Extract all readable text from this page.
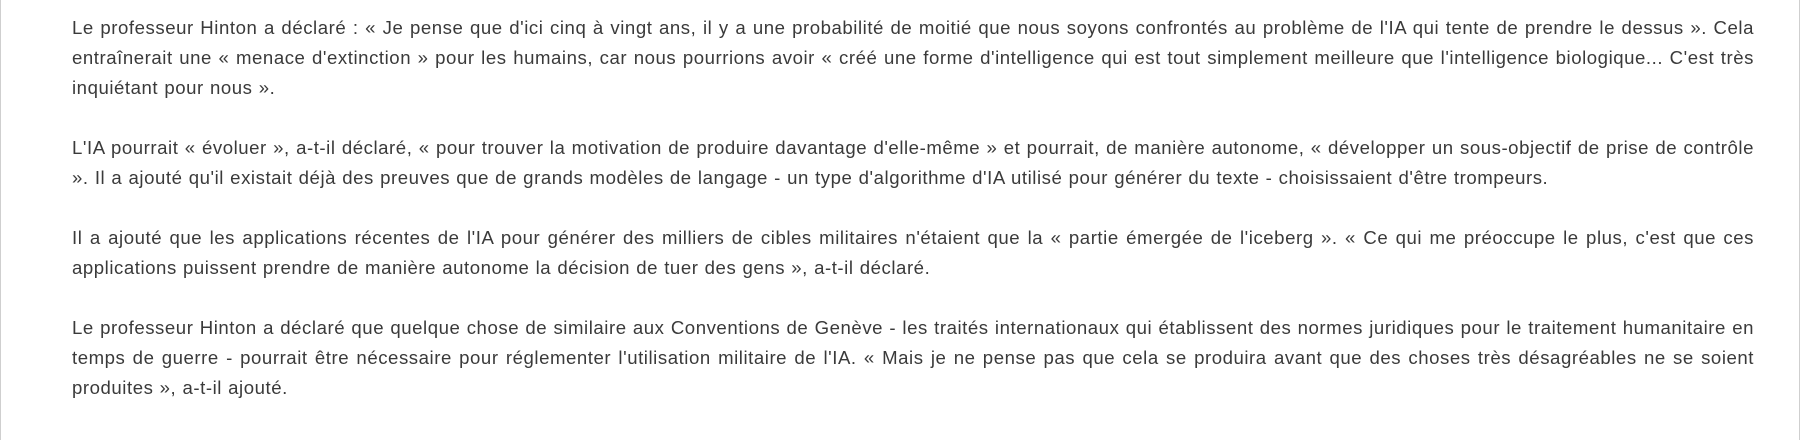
Le professeur Hinton a déclaré : « Je pense que d'ici cinq à vingt ans, il y a une probabilité de moitié que nous soyons confrontés au problème de l'IA qui tente de prendre le dessus ». Cela entraînerait une « menace d'extinction » pour les humains, car nous pourrions avoir « créé une forme d'intelligence qui est tout simplement meilleure que l'intelligence biologique... C'est très inquiétant pour nous ».

L'IA pourrait « évoluer », a-t-il déclaré, « pour trouver la motivation de produire davantage d'elle-même » et pourrait, de manière autonome, « développer un sous-objectif de prise de contrôle ». Il a ajouté qu'il existait déjà des preuves que de grands modèles de langage - un type d'algorithme d'IA utilisé pour générer du texte - choisissaient d'être trompeurs.

Il a ajouté que les applications récentes de l'IA pour générer des milliers de cibles militaires n'étaient que la « partie émergée de l'iceberg ». « Ce qui me préoccupe le plus, c'est que ces applications puissent prendre de manière autonome la décision de tuer des gens », a-t-il déclaré.

Le professeur Hinton a déclaré que quelque chose de similaire aux Conventions de Genève - les traités internationaux qui établissent des normes juridiques pour le traitement humanitaire en temps de guerre - pourrait être nécessaire pour réglementer l'utilisation militaire de l'IA. « Mais je ne pense pas que cela se produira avant que des choses très désagréables ne se soient produites », a-t-il ajouté.
